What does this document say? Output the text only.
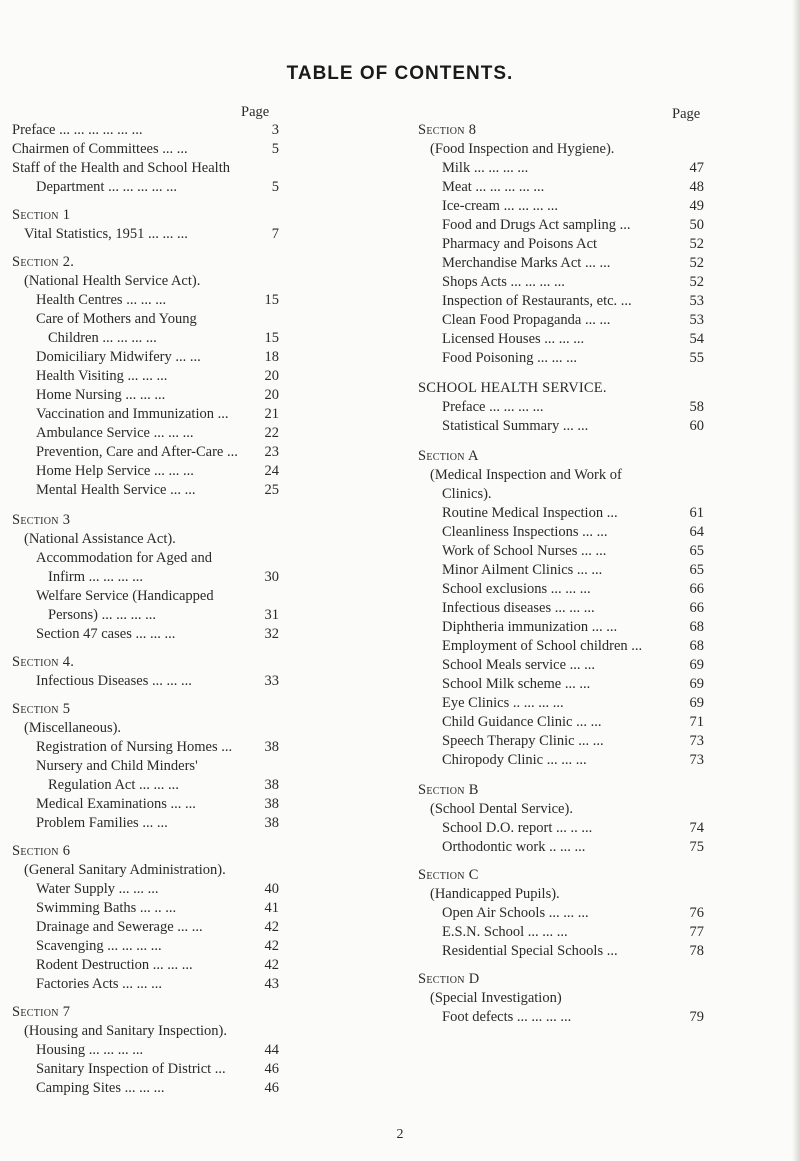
TABLE OF CONTENTS.
Page	Page
Preface ... ... ... ... ... ...	3
Chairmen of Committees ... ...	5
Staff of the Health and School Health
Department ... ... ... ... ...	5
Section 1
Vital Statistics, 1951 ... ... ...	7
Section 2.
(National Health Service Act).
Health Centres ... ... ...	15
Care of Mothers and Young
Children ... ... ... ...	15
Domiciliary Midwifery ... ...	18
Health Visiting ... ... ...	20
Home Nursing ... ... ...	20
Vaccination and Immunization ...	21
Ambulance Service ... ... ...	22
Prevention, Care and After-Care ...	23
Home Help Service ... ... ...	24
Mental Health Service ... ...	25
Section 3
(National Assistance Act).
Accommodation for Aged and
Infirm ... ... ... ...	30
Welfare Service (Handicapped
Persons) ... ... ... ...	31
Section 47 cases ... ... ...	32
Section 4.
Infectious Diseases ... ... ...	33
Section 5
(Miscellaneous).
Registration of Nursing Homes ...	38
Nursery and Child Minders'
Regulation Act ... ... ...	38
Medical Examinations ... ...	38
Problem Families ... ...	38
Section 6
(General Sanitary Administration).
Water Supply ... ... ...	40
Swimming Baths ... .. ...	41
Drainage and Sewerage ... ...	42
Scavenging ... ... ... ...	42
Rodent Destruction ... ... ...	42
Factories Acts ... ... ...	43
Section 7
(Housing and Sanitary Inspection).
Housing ... ... ... ...	44
Sanitary Inspection of District ...	46
Camping Sites ... ... ...	46
Section 8
(Food Inspection and Hygiene).
Milk ... ... ... ...	47
Meat ... ... ... ... ...	48
Ice-cream ... ... ... ...	49
Food and Drugs Act sampling ...	50
Pharmacy and Poisons Act	52
Merchandise Marks Act ... ...	52
Shops Acts ... ... ... ...	52
Inspection of Restaurants, etc. ...	53
Clean Food Propaganda ... ...	53
Licensed Houses ... ... ...	54
Food Poisoning ... ... ...	55
SCHOOL HEALTH SERVICE.
Preface ... ... ... ...	58
Statistical Summary ... ...	60
Section A
(Medical Inspection and Work of
Clinics).
Routine Medical Inspection ...	61
Cleanliness Inspections ... ...	64
Work of School Nurses ... ...	65
Minor Ailment Clinics ... ...	65
School exclusions ... ... ...	66
Infectious diseases ... ... ...	66
Diphtheria immunization ... ...	68
Employment of School children ...	68
School Meals service ... ...	69
School Milk scheme ... ...	69
Eye Clinics .. ... ... ...	69
Child Guidance Clinic ... ...	71
Speech Therapy Clinic ... ...	73
Chiropody Clinic ... ... ...	73
Section B
(School Dental Service).
School D.O. report ... .. ...	74
Orthodontic work .. ... ...	75
Section C
(Handicapped Pupils).
Open Air Schools ... ... ...	76
E.S.N. School ... ... ...	77
Residential Special Schools ...	78
Section D
(Special Investigation)
Foot defects ... ... ... ...	79
2
